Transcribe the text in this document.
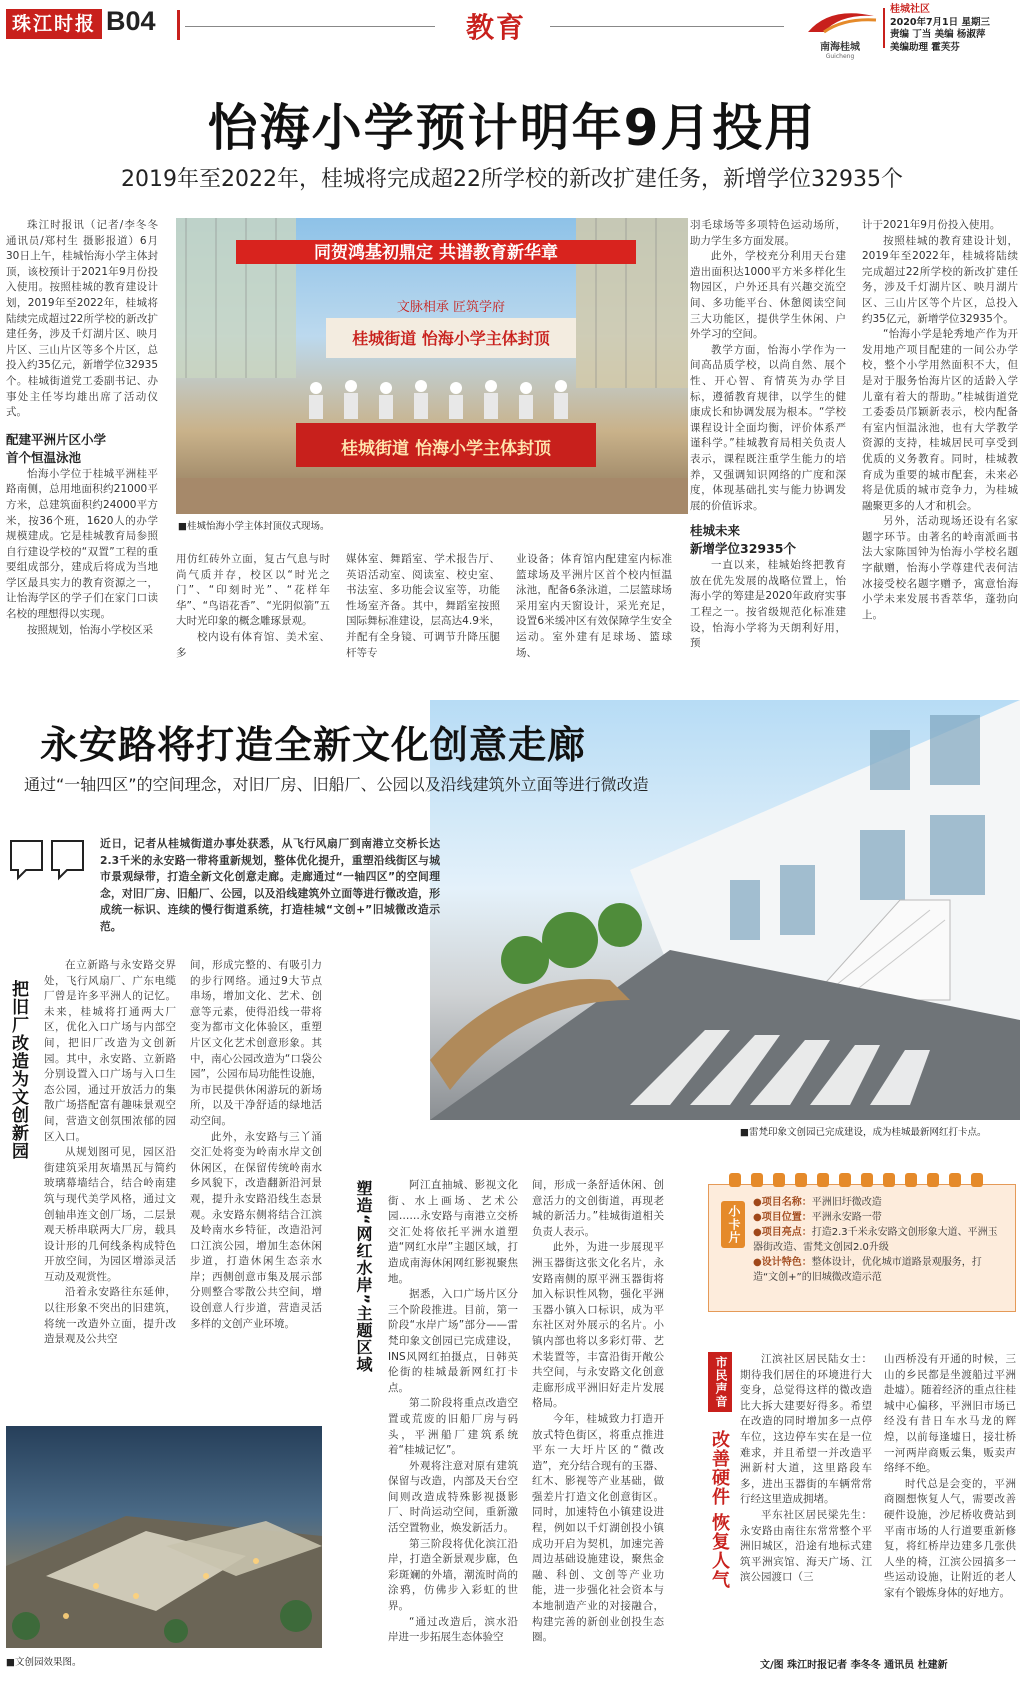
珠江时报 B04	教育
南海桂城
Guicheng
桂城社区
2020年7月1日 星期三
责编 丁当 美编 杨淑萍
美编助理 霍芙芬
怡海小学预计明年9月投用
2019年至2022年，桂城将完成超22所学校的新改扩建任务，新增学位32935个

珠江时报讯（记者/李冬冬 通讯员/郑村生 摄影报道）6月30日上午，桂城怡海小学主体封顶，该校预计于2021年9月份投入使用。按照桂城的教育建设计划，2019年至2022年，桂城将陆续完成超过22所学校的新改扩建任务，涉及千灯湖片区、映月片区、三山片区等多个片区，总投入约35亿元，新增学位32935个。桂城街道党工委副书记、办事处主任岑均雄出席了活动仪式。

配建平洲片区小学
首个恒温泳池

怡海小学位于桂城平洲桂平路南侧，总用地面积约21000平方米，总建筑面积约24000平方米，按36个班，1620人的办学规模建成。它是桂城教育局参照自行建设学校的“双置”工程的重要组成部分，建成后将成为当地学区最具实力的教育资源之一，让怡海学区的学子们在家门口读名校的理想得以实现。

按照规划，怡海小学校区采

同贺鸿基初鼎定 共谱教育新华章
文脉相承 匠筑学府
桂城街道 怡海小学主体封顶
桂城街道 怡海小学主体封顶
■桂城怡海小学主体封顶仪式现场。

用仿红砖外立面，复古气息与时尚气质并存，校区以“时光之门”、“印刻时光”、“花样年华”、“鸟语花香”、“光阴似箭”五大时光印象的概念雕琢景观。

校内设有体育馆、美术室、多

媒体室、舞蹈室、学术报告厅、英语活动室、阅读室、校史室、书法室、多功能会议室等，功能性场室齐备。其中，舞蹈室按照国际舞标准建设，层高达4.9米，并配有全身镜、可调节升降压腿杆等专

业设备；体育馆内配建室内标准篮球场及平洲片区首个校内恒温泳池，配备6条泳道，二层篮球场采用室内天窗设计，采光充足，设置6米缓冲区有效保障学生安全运动。室外建有足球场、篮球场、

羽毛球场等多项特色运动场所，助力学生多方面发展。

此外，学校充分利用天台建造出面积达1000平方米多样化生物园区，户外还具有兴趣交流空间、多功能平台、休憩阅读空间三大功能区，提供学生休闲、户外学习的空间。

教学方面，怡海小学作为一间高品质学校，以尚自然、展个性、开心智、育情英为办学目标，遵循教育规律，以学生的健康成长和协调发展为根本。“学校课程设计全面均衡，评价体系严谨科学。”桂城教育局相关负责人表示，课程既注重学生能力的培养，又强调知识网络的广度和深度，体现基础扎实与能力协调发展的价值诉求。

桂城未来
新增学位32935个

一直以来，桂城始终把教育放在优先发展的战略位置上，怡海小学的筹建是2020年政府实事工程之一。按省级规范化标准建设，怡海小学将为天朗利好用，预

计于2021年9月份投入使用。

按照桂城的教育建设计划，2019年至2022年，桂城将陆续完成超过22所学校的新改扩建任务，涉及千灯湖片区、映月湖片区、三山片区等个片区，总投入约35亿元，新增学位32935个。

“怡海小学是轮秀地产作为开发用地产项目配建的一间公办学校，整个小学用然面积不大，但是对于服务怡海片区的适龄入学儿童有着大的帮助。”桂城街道党工委委员邝颖新表示，校内配备有室内恒温泳池，也有大学教学资源的支持，桂城居民可享受到优质的义务教育。同时，桂城教育成为重要的城市配套，未来必将是优质的城市竞争力，为桂城融聚更多的人才和机会。

另外，活动现场还设有名家题字环节。由著名的岭南派画书法大家陈国钟为怡海小学校名题字献赠，怡海小学尊建代表何洁冰接受校名题字赠予，寓意怡海小学未来发展书香萃华，蓬勃向上。

永安路将打造全新文化创意走廊
通过“一轴四区”的空间理念，对旧厂房、旧船厂、公园以及沿线建筑外立面等进行微改造
近日，记者从桂城街道办事处获悉，从飞行风扇厂到南港立交桥长达2.3千米的永安路一带将重新规划，整体优化提升，重塑沿线街区与城市景观绿带，打造全新文化创意走廊。走廊通过“一轴四区”的空间理念，对旧厂房、旧船厂、公园，以及沿线建筑外立面等进行微改造，形成统一标识、连续的慢行街道系统，打造桂城“文创+”旧城微改造示范。
把旧厂改造为文创新园

在立新路与永安路交界处，飞行风扇厂、广东电缆厂曾是许多平洲人的记忆。未来，桂城将打通两大厂区，优化入口广场与内部空间，把旧厂改造为文创新园。其中，永安路、立新路分别设置入口广场与入口生态公园，通过开放活力的集散广场搭配富有趣味景观空间，营造文创氛围浓郁的园区入口。

从规划图可见，园区沿街建筑采用灰墙黑瓦与简约玻璃幕墙结合，结合岭南建筑与现代美学风格，通过文创轴串连文创厂场，二层景观天桥串联两大厂房，载具设计形的几何线条构成特色开放空间，为园区增添灵活互动及观赏性。

沿着永安路往东延伸，以往形象不突出的旧建筑，将统一改造外立面，提升改造景观及公共空

间，形成完整的、有吸引力的步行网络。通过9大节点串场，增加文化、艺术、创意等元素，使得沿线一带将变为都市文化体验区，重塑片区文化艺术创意形象。其中，南心公园改造为“口袋公园”，公园布局功能性设施，为市民提供休闲游玩的新场所，以及干净舒适的绿地活动空间。

此外，永安路与三丫涌交汇处将变为岭南水岸文创休闲区，在保留传统岭南水乡风貌下，改造翻新沿河景观，提升永安路沿线生态景观。永安路东侧将结合江滨及岭南水乡特征，改造沿河口江滨公园，增加生态休闲步道，打造休闲生态亲水岸；西侧创意市集及展示部分则整合零散公共空间，增设创意人行步道，营造灵活多样的文创产业环境。

■文创园效果图。
塑造“网红水岸”主题区域	阿江直抽城、影视文化街、水上画场、艺术公园……永安路与南港立交桥交汇处将依托平洲水道塑造“网红水岸”主题区域，打造成南海休闲网红影视聚焦地。

据悉，入口广场片区分三个阶段推进。目前，第一阶段“水岸广场”部分——雷梵印象文创园已完成建设，INS风网红拍摄点，日韩英伦街的桂城最新网红打卡点。

第二阶段将重点改造空置或荒废的旧船厂房与码头，平洲船厂建筑系统着“桂城记忆”。

外观将注意对原有建筑保留与改造，内部及天台空间则改造成特殊影视摄影厂、时尚运动空间，重新激活空置物业，焕发新活力。

第三阶段将优化滨江沿岸，打造全新景观步廊，色彩斑斓的外墙，潮流时尚的涂鸦，仿佛步入彩虹的世界。

“通过改造后，滨水沿岸进一步拓展生态体验空

间，形成一条舒适休闲、创意活力的文创街道，再现老城的新活力。”桂城街道相关负责人表示。

此外，为进一步展现平洲玉器街这张文化名片，永安路南侧的原平洲玉器街将加入标识性风物，强化平洲玉器小镇入口标识，成为平东社区对外展示的名片。小镇内部也将以多彩灯带、艺术装置等，丰富沿街开敞公共空间，与永安路文化创意走廊形成平洲旧好走片发展格局。

今年，桂城致力打造开放式特色街区，将重点推进平东一大圩片区的“微改造”，充分结合现有的玉器、红木、影视等产业基础，做强差片打造文化创意街区。同时，加速特色小镇建设进程，例如以千灯湖创投小镇成功开启为契机，加速完善周边基础设施建设，聚焦金融、科创、文创等产业功能，进一步强化社会资本与本地制造产业的对接融合，构建完善的新创业创投生态圈。

■雷梵印象文创园已完成建设，成为桂城最新网红打卡点。
小卡片
●项目名称：平洲旧圩微改造
●项目位置：平洲永安路一带
●项目亮点：打造2.3千米永安路文创形象大道、平洲玉器街改造、雷梵文创园2.0升级
●设计特色：整体设计，优化城市道路景观服务，打造“文创+”的旧城微改造示范
市民声音
改善硬件 恢复人气

江滨社区居民陆女士：期待我们居住的环境进行大变身，总觉得这样的微改造比大拆大建要好得多。希望在改造的同时增加多一点停车位，这边停车实在是一位难求，并且希望一并改造平洲新村大道，这里路段车多，进出玉器街的车辆常常行经这里造成拥堵。

平东社区居民梁先生：永安路由南往东常常整个平洲旧城区，沿途有地标式建筑平洲宾馆、海天广场、江滨公园渡口（三

山西桥没有开通的时候，三山的乡民都是坐渡船过平洲赴墟）。随着经济的重点往桂城中心偏移，平洲旧市场已经没有昔日车水马龙的辉煌，以前每逢墟日，接壮桥一河两岸商贩云集，贩卖声络绎不绝。

时代总是会变的，平洲商圈想恢复人气，需要改善硬件设施，沙尼桥收费站到平南市场的人行道要重新修复，将红桥岸边建多几张供人坐的椅，江滨公园搞多一些运动设施，让附近的老人家有个锻炼身体的好地方。

文/图 珠江时报记者 李冬冬 通讯员 杜建新
